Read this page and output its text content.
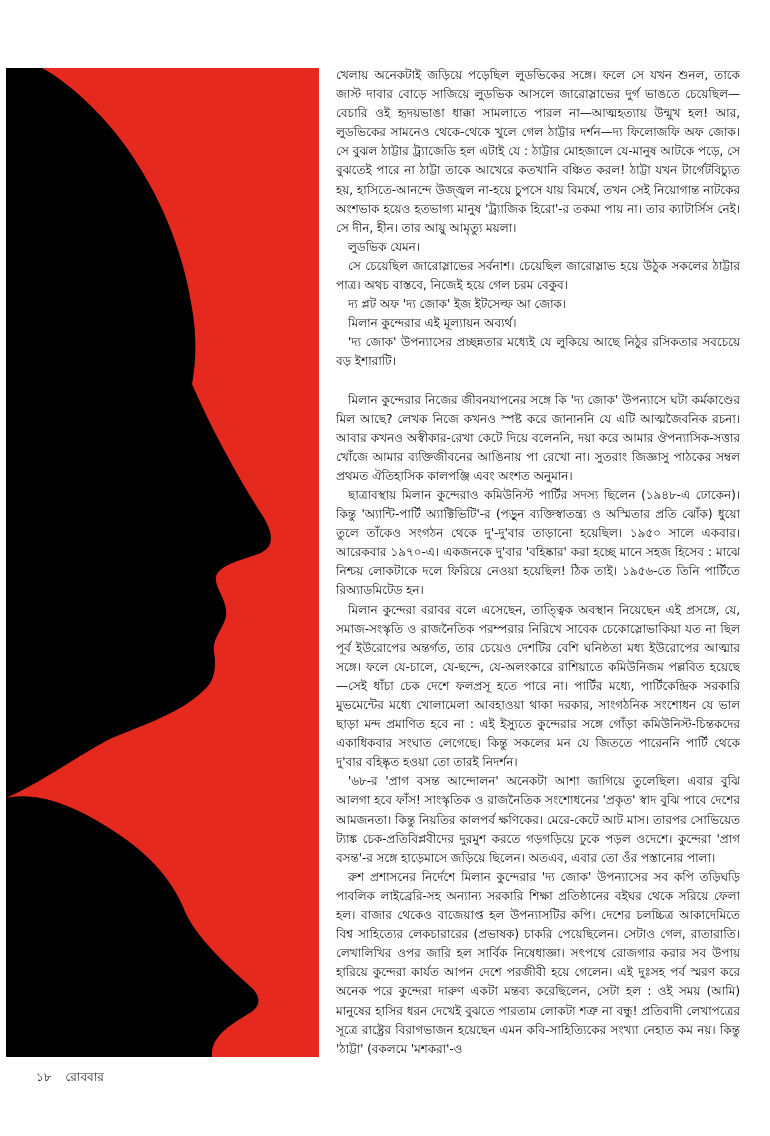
খেলায় অনেকটাই জড়িয়ে পড়েছিল লুডভিকের সঙ্গে। ফলে সে যখন শুনল, তাকে জাস্ট দাবার বোড়ে সাজিয়ে লুডভিক আসলে জারোস্লাভের দুর্গ ভাঙতে চেয়েছিল—বেচারি ওই হৃদয়ভাঙা ধাক্কা সামলাতে পারল না—আত্মহত্যায় উন্মুখ হল! আর, লুডভিকের সামনেও থেকে-থেকে খুলে গেল ঠাট্টার দর্শন—দ্য ফিলোজফি অফ জোক। সে বুঝল ঠাট্টার ট্র্যাজেডি হল এটাই যে : ঠাট্টার মোহজালে যে-মানুষ আটকে পড়ে, সে বুঝতেই পারে না ঠাট্টা তাকে আখেরে কতখানি বঞ্চিত করল! ঠাট্টা যখন টার্গেটবিচ্যুত হয়, হাসিতে-আনন্দে উজ্জ্বল না-হয়ে চুপসে যায় বিমর্ষে, তখন সেই নিয়োগান্ত নাটকের অংশভাক হয়েও হতভাগ্য মানুষ 'ট্র্যাজিক হিরো'-র তকমা পায় না। তার ক্যাটার্সিস নেই। সে দীন, হীন। তার আয়ু আমৃত্যু ময়লা।

লুডভিক যেমন।

সে চেয়েছিল জারোস্লাভের সর্বনাশ। চেয়েছিল জারোস্লাভ হয়ে উঠুক সকলের ঠাট্টার পাত্র। অথচ বাস্তবে, নিজেই হয়ে গেল চরম বেকুব।

দ্য প্লট অফ 'দ্য জোক' ইজ ইটসেল্ফ আ জোক।

মিলান কুন্দেরার এই মূল্যায়ন অব্যর্থ।

'দ্য জোক' উপন্যাসের প্রচ্ছন্নতার মধ্যেই যে লুকিয়ে আছে নিঠুর রসিকতার সবচেয়ে বড় ইশারাটি।

মিলান কুন্দেরার নিজের জীবনযাপনের সঙ্গে কি 'দ্য জোক' উপন্যাসে ঘটা কর্মকাণ্ডের মিল আছে? লেখক নিজে কখনও স্পষ্ট করে জানাননি যে এটি আত্মজৈবনিক রচনা। আবার কখনও অস্বীকার-রেখা কেটে দিয়ে বলেননি, দয়া করে আমার ঔপন্যাসিক-সত্তার খোঁজে আমার ব্যক্তিজীবনের আঙিনায় পা রেখো না। সুতরাং জিজ্ঞাসু পাঠকের সম্বল প্রথমত ঐতিহাসিক কালপঞ্জি এবং অংশত অনুমান।

ছাত্রাবস্থায় মিলান কুন্দেরাও কমিউনিস্ট পার্টির সদস্য ছিলেন (১৯৪৮-এ ঢোকেন)। কিন্তু 'অ্যান্টি-পার্টি অ্যাক্টিভিটি'-র (পড়ুন ব্যক্তিস্বাতন্ত্র্য ও অস্মিতার প্রতি ঝোঁক) ধুয়ো তুলে তাঁকেও সংগঠন থেকে দু'-দু'বার তাড়ানো হয়েছিল। ১৯৫০ সালে একবার। আরেকবার ১৯৭০-এ। একজনকে দু'বার 'বহিষ্কার' করা হচ্ছে মানে সহজ হিসেব : মাঝে নিশ্চয় লোকটাকে দলে ফিরিয়ে নেওয়া হয়েছিল! ঠিক তাই। ১৯৫৬-তে তিনি পার্টিতে রিঅ্যাডমিটেড হন।

মিলান কুন্দেরা বরাবর বলে এসেছেন, তাত্ত্বিক অবস্থান নিয়েছেন এই প্রসঙ্গে, যে, সমাজ-সংস্কৃতি ও রাজনৈতিক পরম্পরার নিরিখে সাবেক চেকোস্লোভাকিয়া যত না ছিল পূর্ব ইউরোপের অন্তর্গত, তার চেয়েও দেশটির বেশি ঘনিষ্ঠতা মধ্য ইউরোপের আত্মার সঙ্গে। ফলে যে-চালে, যে-ছন্দে, যে-অলংকারে রাশিয়াতে কমিউনিজম পল্লবিত হয়েছে—সেই ধাঁচা চেক দেশে ফলপ্রসূ হতে পারে না। পার্টির মধ্যে, পার্টিকেন্দ্রিক সরকারি মুভমেন্টের মধ্যে খোলামেলা আবহাওয়া থাকা দরকার, সাংগঠনিক সংশোধন যে ভাল ছাড়া মন্দ প্রমাণিত হবে না : এই ইস্যুতে কুন্দেরার সঙ্গে গোঁড়া কমিউনিস্ট-চিন্তকদের একাধিকবার সংঘাত লেগেছে। কিন্তু সকলের মন যে জিততে পারেননি পার্টি থেকে দু'বার বহিষ্কৃত হওয়া তো তারই নিদর্শন।

'৬৮-র 'প্রাগ বসন্ত আন্দোলন' অনেকটা আশা জাগিয়ে তুলেছিল। এবার বুঝি আলগা হবে ফাঁস! সাংস্কৃতিক ও রাজনৈতিক সংশোধনের 'প্রকৃত' স্বাদ বুঝি পাবে দেশের আমজনতা। কিন্তু নিয়তির কালপর্ব ক্ষণিকের। মেরে-কেটে আট মাস। তারপর সোভিয়েত ট্যাঙ্ক চেক-প্রতিবিপ্লবীদের দুরমুশ করতে গড়গড়িয়ে ঢুকে পড়ল ওদেশে। কুন্দেরা 'প্রাগ বসন্ত'-র সঙ্গে হাড়েমাসে জড়িয়ে ছিলেন। অতএব, এবার তো ওঁর পস্তানোর পালা।

রুশ প্রশাসনের নির্দেশে মিলান কুন্দেরার 'দ্য জোক' উপন্যাসের সব কপি তড়িঘড়ি পাবলিক লাইব্রেরি-সহ অন্যান্য সরকারি শিক্ষা প্রতিষ্ঠানের বইঘর থেকে সরিয়ে ফেলা হল। বাজার থেকেও বাজেয়াপ্ত হল উপন্যাসটির কপি। দেশের চলচ্চিত্র আকাদেমিতে বিশ্ব সাহিত্যের লেকচারারের (প্রভাষক) চাকরি পেয়েছিলেন। সেটাও গেল, রাতারাতি। লেখালিখির ওপর জারি হল সার্বিক নিষেধাজ্ঞা। সৎপথে রোজগার করার সব উপায় হারিয়ে কুন্দেরা কার্যত আপন দেশে পরজীবী হয়ে গেলেন। এই দুঃসহ পর্ব স্মরণ করে অনেক পরে কুন্দেরা দারুণ একটা মন্তব্য করেছিলেন, সেটা হল : ওই সময় (আমি) মানুষের হাসির ধরন দেখেই বুঝতে পারতাম লোকটা শত্রু না বন্ধু! প্রতিবাদী লেখাপত্রের সূত্রে রাষ্ট্রের বিরাগভাজন হয়েছেন এমন কবি-সাহিত্যিকের সংখ্যা নেহাত কম নয়। কিন্তু 'ঠাট্টা' (বকলমে 'মশকরা'-ও

১৮ রোববার
